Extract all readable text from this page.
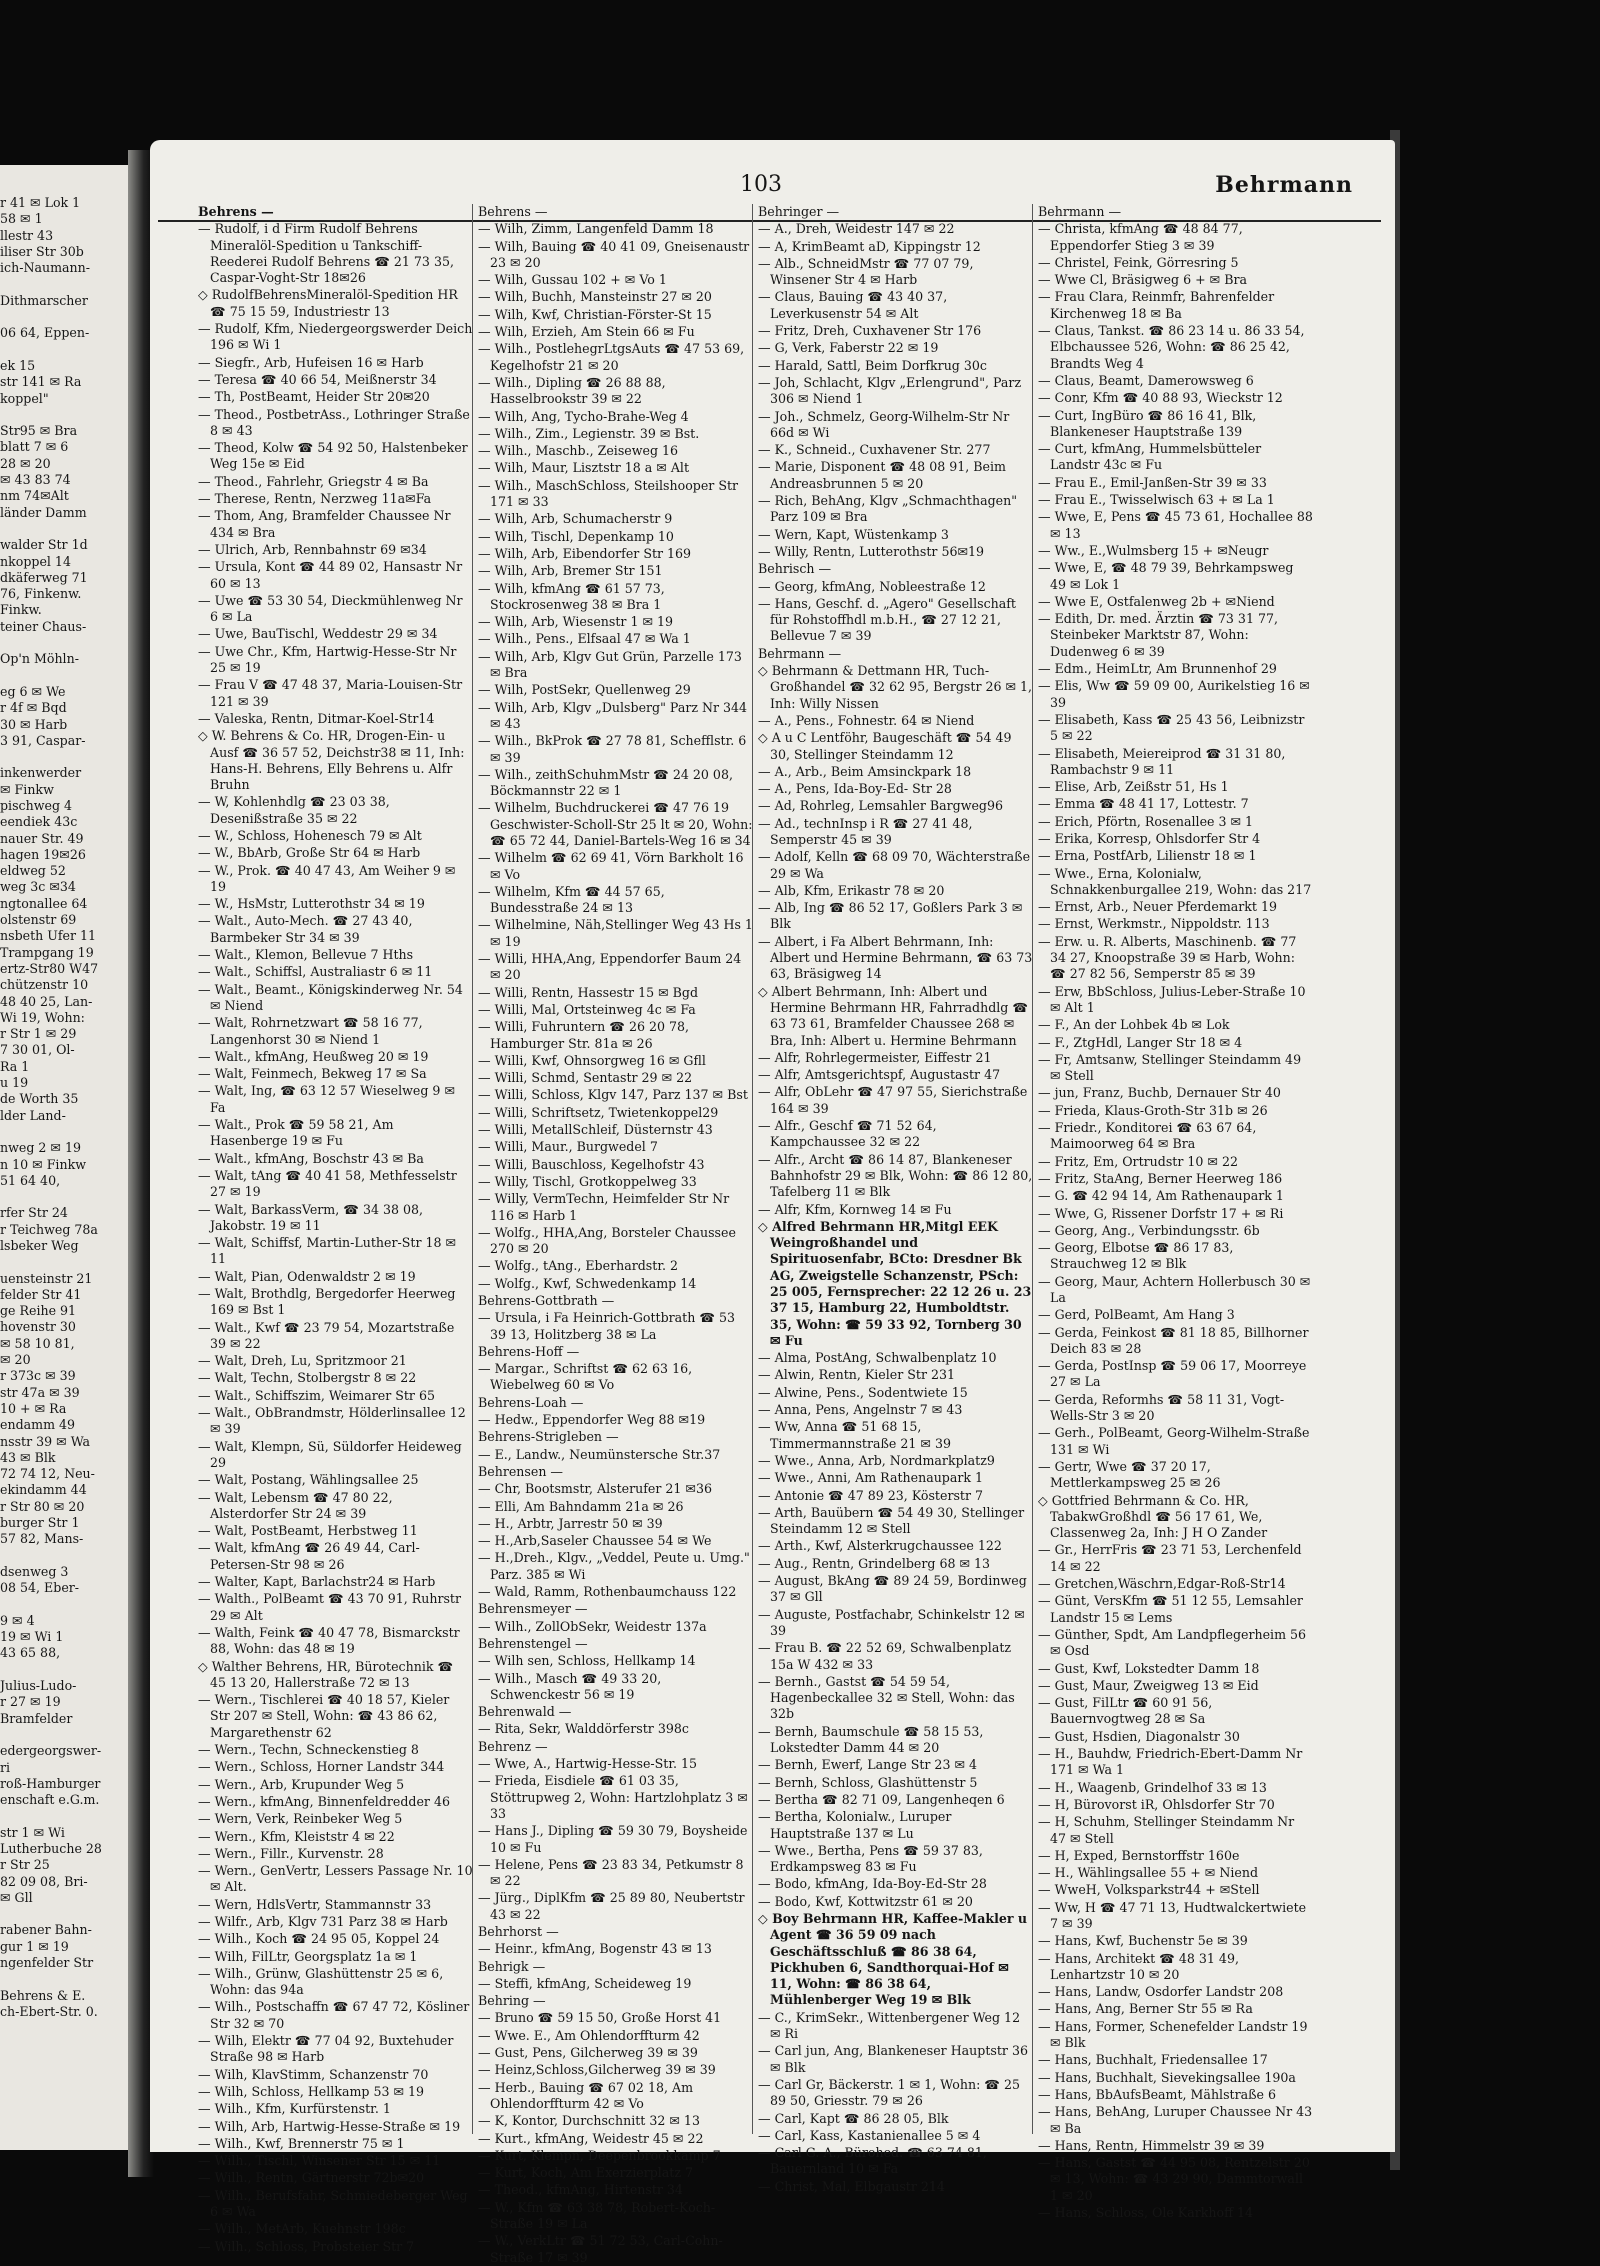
r 41 ✉ Lok 1
58 ✉ 1
llestr 43
iliser Str 30b
ich-Naumann-

Dithmarscher

06 64, Eppen-

ek 15
str 141 ✉ Ra
koppel"

Str95 ✉ Bra
blatt 7 ✉ 6
28 ✉ 20
✉ 43 83 74
nm 74✉Alt
länder Damm

walder Str 1d
nkoppel 14
dkäferweg 71
76, Finkenw.
Finkw.
teiner Chaus-

Op'n Möhln-

eg 6 ✉ We
r 4f ✉ Bqd
30 ✉ Harb
3 91, Caspar-

inkenwerder
✉ Finkw
pischweg 4
eendiek 43c
nauer Str. 49
hagen 19✉26
eldweg 52
weg 3c ✉34
ngtonallee 64
olstenstr 69
nsbeth Ufer 11
Trampgang 19
ertz-Str80 W47
chützenstr 10
48 40 25, Lan-
Wi 19, Wohn:
r Str 1 ✉ 29
7 30 01, Ol-
Ra 1
u 19
de Worth 35
lder Land-

nweg 2 ✉ 19
n 10 ✉ Finkw
51 64 40,

rfer Str 24
r Teichweg 78a
lsbeker Weg

uensteinstr 21
felder Str 41
ge Reihe 91
hovenstr 30
✉ 58 10 81,
✉ 20
r 373c ✉ 39
str 47a ✉ 39
10 + ✉ Ra
endamm 49
nsstr 39 ✉ Wa
43 ✉ Blk
72 74 12, Neu-
ekindamm 44
r Str 80 ✉ 20
burger Str 1
57 82, Mans-

dsenweg 3
08 54, Eber-

9 ✉ 4
19 ✉ Wi 1
43 65 88,

Julius-Ludo-
r 27 ✉ 19
Bramfelder

edergeorgswer-
ri
roß-Hamburger
enschaft e.G.m.

str 1 ✉ Wi
Lutherbuche 28
r Str 25
82 09 08, Bri-
✉ Gll

rabener Bahn-
gur 1 ✉ 19
ngenfelder Str

Behrens & E.
ch-Ebert-Str. 0.
103	Behrmann
Behrens —
— Rudolf, i d Firm Rudolf Behrens Mineralöl-Spedition u Tankschiff-Reederei Rudolf Behrens ☎ 21 73 35, Caspar-Voght-Str 18✉26
◇ RudolfBehrensMineralöl-Spedition HR ☎ 75 15 59, Industriestr 13
— Rudolf, Kfm, Niedergeorgswerder Deich 196 ✉ Wi 1
— Siegfr., Arb, Hufeisen 16 ✉ Harb
— Teresa ☎ 40 66 54, Meißnerstr 34
— Th, PostBeamt, Heider Str 20✉20
— Theod., PostbetrAss., Lothringer Straße 8 ✉ 43
— Theod, Kolw ☎ 54 92 50, Halstenbeker Weg 15e ✉ Eid
— Theod., Fahrlehr, Griegstr 4 ✉ Ba
— Therese, Rentn, Nerzweg 11a✉Fa
— Thom, Ang, Bramfelder Chaussee Nr 434 ✉ Bra
— Ulrich, Arb, Rennbahnstr 69 ✉34
— Ursula, Kont ☎ 44 89 02, Hansastr Nr 60 ✉ 13
— Uwe ☎ 53 30 54, Dieckmühlenweg Nr 6 ✉ La
— Uwe, BauTischl, Weddestr 29 ✉ 34
— Uwe Chr., Kfm, Hartwig-Hesse-Str Nr 25 ✉ 19
— Frau V ☎ 47 48 37, Maria-Louisen-Str 121 ✉ 39
— Valeska, Rentn, Ditmar-Koel-Str14
◇ W. Behrens & Co. HR, Drogen-Ein- u Ausf ☎ 36 57 52, Deichstr38 ✉ 11, Inh: Hans-H. Behrens, Elly Behrens u. Alfr Bruhn
— W, Kohlenhdlg ☎ 23 03 38, Desenißstraße 35 ✉ 22
— W., Schloss, Hohenesch 79 ✉ Alt
— W., BbArb, Große Str 64 ✉ Harb
— W., Prok. ☎ 40 47 43, Am Weiher 9 ✉ 19
— W., HsMstr, Lutterothstr 34 ✉ 19
— Walt., Auto-Mech. ☎ 27 43 40, Barmbeker Str 34 ✉ 39
— Walt., Klemon, Bellevue 7 Hths
— Walt., Schiffsl, Australiastr 6 ✉ 11
— Walt., Beamt., Königskinderweg Nr. 54 ✉ Niend
— Walt, Rohrnetzwart ☎ 58 16 77, Langenhorst 30 ✉ Niend 1
— Walt., kfmAng, Heußweg 20 ✉ 19
— Walt, Feinmech, Bekweg 17 ✉ Sa
— Walt, Ing, ☎ 63 12 57 Wieselweg 9 ✉ Fa
— Walt., Prok ☎ 59 58 21, Am Hasenberge 19 ✉ Fu
— Walt., kfmAng, Boschstr 43 ✉ Ba
— Walt, tAng ☎ 40 41 58, Methfesselstr 27 ✉ 19
— Walt, BarkassVerm, ☎ 34 38 08, Jakobstr. 19 ✉ 11
— Walt, Schiffsf, Martin-Luther-Str 18 ✉ 11
— Walt, Pian, Odenwaldstr 2 ✉ 19
— Walt, Brothdlg, Bergedorfer Heerweg 169 ✉ Bst 1
— Walt., Kwf ☎ 23 79 54, Mozartstraße 39 ✉ 22
— Walt, Dreh, Lu, Spritzmoor 21
— Walt, Techn, Stolbergstr 8 ✉ 22
— Walt., Schiffszim, Weimarer Str 65
— Walt., ObBrandmstr, Hölderlinsallee 12 ✉ 39
— Walt, Klempn, Sü, Süldorfer Heideweg 29
— Walt, Postang, Wählingsallee 25
— Walt, Lebensm ☎ 47 80 22, Alsterdorfer Str 24 ✉ 39
— Walt, PostBeamt, Herbstweg 11
— Walt, kfmAng ☎ 26 49 44, Carl-Petersen-Str 98 ✉ 26
— Walter, Kapt, Barlachstr24 ✉ Harb
— Walth., PolBeamt ☎ 43 70 91, Ruhrstr 29 ✉ Alt
— Walth, Feink ☎ 40 47 78, Bismarckstr 88, Wohn: das 48 ✉ 19
◇ Walther Behrens, HR, Bürotechnik ☎ 45 13 20, Hallerstraße 72 ✉ 13
— Wern., Tischlerei ☎ 40 18 57, Kieler Str 207 ✉ Stell, Wohn: ☎ 43 86 62, Margarethenstr 62
— Wern., Techn, Schneckenstieg 8
— Wern., Schloss, Horner Landstr 344
— Wern., Arb, Krupunder Weg 5
— Wern., kfmAng, Binnenfeldredder 46
— Wern, Verk, Reinbeker Weg 5
— Wern., Kfm, Kleiststr 4 ✉ 22
— Wern., Fillr., Kurvenstr. 28
— Wern., GenVertr, Lessers Passage Nr. 10 ✉ Alt.
— Wern, HdlsVertr, Stammannstr 33
— Wilfr., Arb, Klgv 731 Parz 38 ✉ Harb
— Wilh., Koch ☎ 24 95 05, Koppel 24
— Wilh, FilLtr, Georgsplatz 1a ✉ 1
— Wilh., Grünw, Glashüttenstr 25 ✉ 6, Wohn: das 94a
— Wilh., Postschaffn ☎ 67 47 72, Kösliner Str 32 ✉ 70
— Wilh, Elektr ☎ 77 04 92, Buxtehuder Straße 98 ✉ Harb
— Wilh, KlavStimm, Schanzenstr 70
— Wilh, Schloss, Hellkamp 53 ✉ 19
— Wilh., Kfm, Kurfürstenstr. 1
— Wilh, Arb, Hartwig-Hesse-Straße ✉ 19
— Wilh., Kwf, Brennerstr 75 ✉ 1
— Wilh., Tischl, Winsener Str 15 ✉ 11
— Wilh., Rentn, Gärtnerstr 72b✉20
— Wilh., Berufsfahr, Schmiedeberger Weg 6 ✉ Wa
— Wilh., MetArb, Kuehnstr 198c
— Wilh., Schloss, Probsteier Str 7
Behrens —
— Wilh, Zimm, Langenfeld Damm 18
— Wilh, Bauing ☎ 40 41 09, Gneisenaustr 23 ✉ 20
— Wilh, Gussau 102 + ✉ Vo 1
— Wilh, Buchh, Mansteinstr 27 ✉ 20
— Wilh, Kwf, Christian-Förster-St 15
— Wilh, Erzieh, Am Stein 66 ✉ Fu
— Wilh., PostlehegrLtgsAuts ☎ 47 53 69, Kegelhofstr 21 ✉ 20
— Wilh., Dipling ☎ 26 88 88, Hasselbrookstr 39 ✉ 22
— Wilh, Ang, Tycho-Brahe-Weg 4
— Wilh., Zim., Legienstr. 39 ✉ Bst.
— Wilh., Maschb., Zeiseweg 16
— Wilh, Maur, Lisztstr 18 a ✉ Alt
— Wilh., MaschSchloss, Steilshooper Str 171 ✉ 33
— Wilh, Arb, Schumacherstr 9
— Wilh, Tischl, Depenkamp 10
— Wilh, Arb, Eibendorfer Str 169
— Wilh, Arb, Bremer Str 151
— Wilh, kfmAng ☎ 61 57 73, Stockrosenweg 38 ✉ Bra 1
— Wilh, Arb, Wiesenstr 1 ✉ 19
— Wilh., Pens., Elfsaal 47 ✉ Wa 1
— Wilh, Arb, Klgv Gut Grün, Parzelle 173 ✉ Bra
— Wilh, PostSekr, Quellenweg 29
— Wilh, Arb, Klgv „Dulsberg" Parz Nr 344 ✉ 43
— Wilh., BkProk ☎ 27 78 81, Schefflstr. 6 ✉ 39
— Wilh., zeithSchuhmMstr ☎ 24 20 08, Böckmannstr 22 ✉ 1
— Wilhelm, Buchdruckerei ☎ 47 76 19 Geschwister-Scholl-Str 25 lt ✉ 20, Wohn: ☎ 65 72 44, Daniel-Bartels-Weg 16 ✉ 34
— Wilhelm ☎ 62 69 41, Vörn Barkholt 16 ✉ Vo
— Wilhelm, Kfm ☎ 44 57 65, Bundesstraße 24 ✉ 13
— Wilhelmine, Näh,Stellinger Weg 43 Hs 1 ✉ 19
— Willi, HHA,Ang, Eppendorfer Baum 24 ✉ 20
— Willi, Rentn, Hassestr 15 ✉ Bgd
— Willi, Mal, Ortsteinweg 4c ✉ Fa
— Willi, Fuhruntern ☎ 26 20 78, Hamburger Str. 81a ✉ 26
— Willi, Kwf, Ohnsorgweg 16 ✉ Gfll
— Willi, Schmd, Sentastr 29 ✉ 22
— Willi, Schloss, Klgv 147, Parz 137 ✉ Bst
— Willi, Schriftsetz, Twietenkoppel29
— Willi, MetallSchleif, Düsternstr 43
— Willi, Maur., Burgwedel 7
— Willi, Bauschloss, Kegelhofstr 43
— Willy, Tischl, Grotkoppelweg 33
— Willy, VermTechn, Heimfelder Str Nr 116 ✉ Harb 1
— Wolfg., HHA,Ang, Borsteler Chaussee 270 ✉ 20
— Wolfg., tAng., Eberhardstr. 2
— Wolfg., Kwf, Schwedenkamp 14
Behrens-Gottbrath —
— Ursula, i Fa Heinrich-Gottbrath ☎ 53 39 13, Holitzberg 38 ✉ La
Behrens-Hoff —
— Margar., Schriftst ☎ 62 63 16, Wiebelweg 60 ✉ Vo
Behrens-Loah —
— Hedw., Eppendorfer Weg 88 ✉19
Behrens-Strigleben —
— E., Landw., Neumünstersche Str.37
Behrensen —
— Chr, Bootsmstr, Alsterufer 21 ✉36
— Elli, Am Bahndamm 21a ✉ 26
— H., Arbtr, Jarrestr 50 ✉ 39
— H.,Arb,Saseler Chaussee 54 ✉ We
— H.,Dreh., Klgv., „Veddel, Peute u. Umg." Parz. 385 ✉ Wi
— Wald, Ramm, Rothenbaumchauss 122
Behrensmeyer —
— Wilh., ZollObSekr, Weidestr 137a
Behrenstengel —
— Wilh sen, Schloss, Hellkamp 14
— Wilh., Masch ☎ 49 33 20, Schwenckestr 56 ✉ 19
Behrenwald —
— Rita, Sekr, Walddörferstr 398c
Behrenz —
— Wwe, A., Hartwig-Hesse-Str. 15
— Frieda, Eisdiele ☎ 61 03 35, Stöttrupweg 2, Wohn: Hartzlohplatz 3 ✉ 33
— Hans J., Dipling ☎ 59 30 79, Boysheide 10 ✉ Fu
— Helene, Pens ☎ 23 83 34, Petkumstr 8 ✉ 22
— Jürg., DiplKfm ☎ 25 89 80, Neubertstr 43 ✉ 22
Behrhorst —
— Heinr., kfmAng, Bogenstr 43 ✉ 13
Behrigk —
— Steffi, kfmAng, Scheideweg 19
Behring —
— Bruno ☎ 59 15 50, Große Horst 41
— Wwe. E., Am Ohlendorffturm 42
— Gust, Pens, Gilcherweg 39 ✉ 39
— Heinz,Schloss,Gilcherweg 39 ✉ 39
— Herb., Bauing ☎ 67 02 18, Am Ohlendorffturm 42 ✉ Vo
— K, Kontor, Durchschnitt 32 ✉ 13
— Kurt., kfmAng, Weidestr 45 ✉ 22
— Kurt, Klempn, Deepenbrookkamp 7
— Kurt, Koch, Am Exerzierplatz 7
— Theod., kfmAng, Hirtenstr 34
— W., Kfm ☎ 63 38 78, Robert-Koch-Straße 19 ✉ La
— W., VerkLtr ☎ 51 72 53, Carl-Cohn-Straße 17 ✉ 39
Behringer —
— A., Dreh, Weidestr 147 ✉ 22
— A, KrimBeamt aD, Kippingstr 12
— Alb., SchneidMstr ☎ 77 07 79, Winsener Str 4 ✉ Harb
— Claus, Bauing ☎ 43 40 37, Leverkusenstr 54 ✉ Alt
— Fritz, Dreh, Cuxhavener Str 176
— G, Verk, Faberstr 22 ✉ 19
— Harald, Sattl, Beim Dorfkrug 30c
— Joh, Schlacht, Klgv „Erlengrund", Parz 306 ✉ Niend 1
— Joh., Schmelz, Georg-Wilhelm-Str Nr 66d ✉ Wi
— K., Schneid., Cuxhavener Str. 277
— Marie, Disponent ☎ 48 08 91, Beim Andreasbrunnen 5 ✉ 20
— Rich, BehAng, Klgv „Schmachthagen" Parz 109 ✉ Bra
— Wern, Kapt, Wüstenkamp 3
— Willy, Rentn, Lutterothstr 56✉19
Behrisch —
— Georg, kfmAng, Nobleestraße 12
— Hans, Geschf. d. „Agero" Gesellschaft für Rohstoffhdl m.b.H., ☎ 27 12 21, Bellevue 7 ✉ 39
Behrmann —
◇ Behrmann & Dettmann HR, Tuch-Großhandel ☎ 32 62 95, Bergstr 26 ✉ 1, Inh: Willy Nissen
— A., Pens., Fohnestr. 64 ✉ Niend
◇ A u C Lentföhr, Baugeschäft ☎ 54 49 30, Stellinger Steindamm 12
— A., Arb., Beim Amsinckpark 18
— A., Pens, Ida-Boy-Ed- Str 28
— Ad, Rohrleg, Lemsahler Bargweg96
— Ad., technInsp i R ☎ 27 41 48, Semperstr 45 ✉ 39
— Adolf, Kelln ☎ 68 09 70, Wächterstraße 29 ✉ Wa
— Alb, Kfm, Erikastr 78 ✉ 20
— Alb, Ing ☎ 86 52 17, Goßlers Park 3 ✉ Blk
— Albert, i Fa Albert Behrmann, Inh: Albert und Hermine Behrmann, ☎ 63 73 63, Bräsigweg 14
◇ Albert Behrmann, Inh: Albert und Hermine Behrmann HR, Fahrradhdlg ☎ 63 73 61, Bramfelder Chaussee 268 ✉ Bra, Inh: Albert u. Hermine Behrmann
— Alfr, Rohrlegermeister, Eiffestr 21
— Alfr, Amtsgerichtspf, Augustastr 47
— Alfr, ObLehr ☎ 47 97 55, Sierichstraße 164 ✉ 39
— Alfr., Geschf ☎ 71 52 64, Kampchaussee 32 ✉ 22
— Alfr., Archt ☎ 86 14 87, Blankeneser Bahnhofstr 29 ✉ Blk, Wohn: ☎ 86 12 80, Tafelberg 11 ✉ Blk
— Alfr, Kfm, Kornweg 14 ✉ Fu
◇ Alfred Behrmann HR,Mitgl EEK Weingroßhandel und Spirituosenfabr, BCto: Dresdner Bk AG, Zweigstelle Schanzenstr, PSch: 25 005, Fernsprecher: 22 12 26 u. 23 37 15, Hamburg 22, Humboldtstr. 35, Wohn: ☎ 59 33 92, Tornberg 30 ✉ Fu
— Alma, PostAng, Schwalbenplatz 10
— Alwin, Rentn, Kieler Str 231
— Alwine, Pens., Sodentwiete 15
— Anna, Pens, Angelnstr 7 ✉ 43
— Ww, Anna ☎ 51 68 15, Timmermannstraße 21 ✉ 39
— Wwe., Anna, Arb, Nordmarkplatz9
— Wwe., Anni, Am Rathenaupark 1
— Antonie ☎ 47 89 23, Kösterstr 7
— Arth, Bauübern ☎ 54 49 30, Stellinger Steindamm 12 ✉ Stell
— Arth., Kwf, Alsterkrugchaussee 122
— Aug., Rentn, Grindelberg 68 ✉ 13
— August, BkAng ☎ 89 24 59, Bordinweg 37 ✉ Gll
— Auguste, Postfachabr, Schinkelstr 12 ✉ 39
— Frau B. ☎ 22 52 69, Schwalbenplatz 15a W 432 ✉ 33
— Bernh., Gastst ☎ 54 59 54, Hagenbeckallee 32 ✉ Stell, Wohn: das 32b
— Bernh, Baumschule ☎ 58 15 53, Lokstedter Damm 44 ✉ 20
— Bernh, Ewerf, Lange Str 23 ✉ 4
— Bernh, Schloss, Glashüttenstr 5
— Bertha ☎ 82 71 09, Langenheqen 6
— Bertha, Kolonialw., Luruper Hauptstraße 137 ✉ Lu
— Wwe., Bertha, Pens ☎ 59 37 83, Erdkampsweg 83 ✉ Fu
— Bodo, kfmAng, Ida-Boy-Ed-Str 28
— Bodo, Kwf, Kottwitzstr 61 ✉ 20
◇ Boy Behrmann HR, Kaffee-Makler u Agent ☎ 36 59 09 nach Geschäftsschluß ☎ 86 38 64, Pickhuben 6, Sandthorquai-Hof ✉ 11, Wohn: ☎ 86 38 64, Mühlenberger Weg 19 ✉ Blk
— C., KrimSekr., Wittenbergener Weg 12 ✉ Ri
— Carl jun, Ang, Blankeneser Hauptstr 36 ✉ Blk
— Carl Gr, Bäckerstr. 1 ✉ 1, Wohn: ☎ 25 89 50, Griesstr. 79 ✉ 26
— Carl, Kapt ☎ 86 28 05, Blk
— Carl, Kass, Kastanienallee 5 ✉ 4
— Carl G. A., Bürohed. ☎ 63 74 81, Bauernland 10 ✉ Fa
— Christ, Mal, Elbgaustr 214
Behrmann —
— Christa, kfmAng ☎ 48 84 77, Eppendorfer Stieg 3 ✉ 39
— Christel, Feink, Görresring 5
— Wwe Cl, Bräsigweg 6 + ✉ Bra
— Frau Clara, Reinmfr, Bahrenfelder Kirchenweg 18 ✉ Ba
— Claus, Tankst. ☎ 86 23 14 u. 86 33 54, Elbchaussee 526, Wohn: ☎ 86 25 42, Brandts Weg 4
— Claus, Beamt, Damerowsweg 6
— Conr, Kfm ☎ 40 88 93, Wieckstr 12
— Curt, IngBüro ☎ 86 16 41, Blk, Blankeneser Hauptstraße 139
— Curt, kfmAng, Hummelsbütteler Landstr 43c ✉ Fu
— Frau E., Emil-Janßen-Str 39 ✉ 33
— Frau E., Twisselwisch 63 + ✉ La 1
— Wwe, E, Pens ☎ 45 73 61, Hochallee 88 ✉ 13
— Ww., E.,Wulmsberg 15 + ✉Neugr
— Wwe, E, ☎ 48 79 39, Behrkampsweg 49 ✉ Lok 1
— Wwe E, Ostfalenweg 2b + ✉Niend
— Edith, Dr. med. Ärztin ☎ 73 31 77, Steinbeker Marktstr 87, Wohn: Dudenweg 6 ✉ 39
— Edm., HeimLtr, Am Brunnenhof 29
— Elis, Ww ☎ 59 09 00, Aurikelstieg 16 ✉ 39
— Elisabeth, Kass ☎ 25 43 56, Leibnizstr 5 ✉ 22
— Elisabeth, Meiereiprod ☎ 31 31 80, Rambachstr 9 ✉ 11
— Elise, Arb, Zeißstr 51, Hs 1
— Emma ☎ 48 41 17, Lottestr. 7
— Erich, Pförtn, Rosenallee 3 ✉ 1
— Erika, Korresp, Ohlsdorfer Str 4
— Erna, PostfArb, Lilienstr 18 ✉ 1
— Wwe., Erna, Kolonialw, Schnakkenburgallee 219, Wohn: das 217
— Ernst, Arb., Neuer Pferdemarkt 19
— Ernst, Werkmstr., Nippoldstr. 113
— Erw. u. R. Alberts, Maschinenb. ☎ 77 34 27, Knoopstraße 39 ✉ Harb, Wohn: ☎ 27 82 56, Semperstr 85 ✉ 39
— Erw, BbSchloss, Julius-Leber-Straße 10 ✉ Alt 1
— F., An der Lohbek 4b ✉ Lok
— F., ZtgHdl, Langer Str 18 ✉ 4
— Fr, Amtsanw, Stellinger Steindamm 49 ✉ Stell
— jun, Franz, Buchb, Dernauer Str 40
— Frieda, Klaus-Groth-Str 31b ✉ 26
— Friedr., Konditorei ☎ 63 67 64, Maimoorweg 64 ✉ Bra
— Fritz, Em, Ortrudstr 10 ✉ 22
— Fritz, StaAng, Berner Heerweg 186
— G. ☎ 42 94 14, Am Rathenaupark 1
— Wwe, G, Rissener Dorfstr 17 + ✉ Ri
— Georg, Ang., Verbindungsstr. 6b
— Georg, Elbotse ☎ 86 17 83, Strauchweg 12 ✉ Blk
— Georg, Maur, Achtern Hollerbusch 30 ✉ La
— Gerd, PolBeamt, Am Hang 3
— Gerda, Feinkost ☎ 81 18 85, Billhorner Deich 83 ✉ 28
— Gerda, PostInsp ☎ 59 06 17, Moorreye 27 ✉ La
— Gerda, Reformhs ☎ 58 11 31, Vogt-Wells-Str 3 ✉ 20
— Gerh., PolBeamt, Georg-Wilhelm-Straße 131 ✉ Wi
— Gertr, Wwe ☎ 37 20 17, Mettlerkampsweg 25 ✉ 26
◇ Gottfried Behrmann & Co. HR, TabakwGroßhdl ☎ 56 17 61, We, Classenweg 2a, Inh: J H O Zander
— Gr., HerrFris ☎ 23 71 53, Lerchenfeld 14 ✉ 22
— Gretchen,Wäschrn,Edgar-Roß-Str14
— Günt, VersKfm ☎ 51 12 55, Lemsahler Landstr 15 ✉ Lems
— Günther, Spdt, Am Landpflegerheim 56 ✉ Osd
— Gust, Kwf, Lokstedter Damm 18
— Gust, Maur, Zweigweg 13 ✉ Eid
— Gust, FilLtr ☎ 60 91 56, Bauernvogtweg 28 ✉ Sa
— Gust, Hsdien, Diagonalstr 30
— H., Bauhdw, Friedrich-Ebert-Damm Nr 171 ✉ Wa 1
— H., Waagenb, Grindelhof 33 ✉ 13
— H, Bürovorst iR, Ohlsdorfer Str 70
— H, Schuhm, Stellinger Steindamm Nr 47 ✉ Stell
— H, Exped, Bernstorffstr 160e
— H., Wählingsallee 55 + ✉ Niend
— WweH, Volksparkstr44 + ✉Stell
— Ww, H ☎ 47 71 13, Hudtwalckertwiete 7 ✉ 39
— Hans, Kwf, Buchenstr 5e ✉ 39
— Hans, Architekt ☎ 48 31 49, Lenhartzstr 10 ✉ 20
— Hans, Landw, Osdorfer Landstr 208
— Hans, Ang, Berner Str 55 ✉ Ra
— Hans, Former, Schenefelder Landstr 19 ✉ Blk
— Hans, Buchhalt, Friedensallee 17
— Hans, Buchhalt, Sievekingsallee 190a
— Hans, BbAufsBeamt, Mählstraße 6
— Hans, BehAng, Luruper Chaussee Nr 43 ✉ Ba
— Hans, Rentn, Himmelstr 39 ✉ 39
— Hans, Gastst ☎ 44 95 08, Rentzelstr 20 ✉ 13, Wohn: ☎ 43 29 90, Dammtorwall 1 ✉ 20
— Hans, Schloss, Ole Karkhoff 14
